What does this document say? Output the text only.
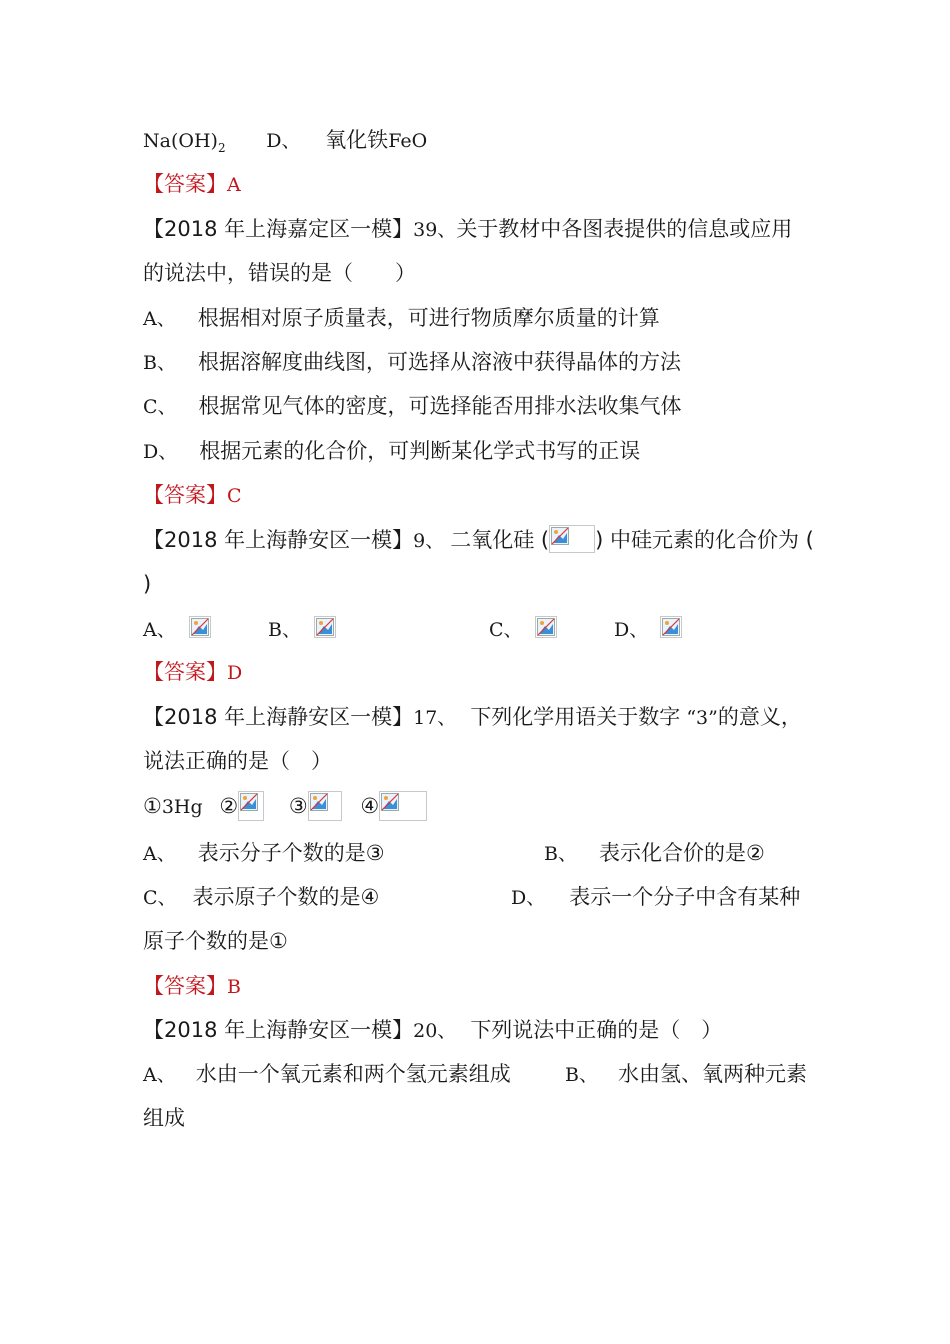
$Na(OH)_2$ D、 氧化铁FeO
【答案】A
【2018 年上海嘉定区一模】39、关于教材中各图表提供的信息或应用
的说法中，错误的是（　　）
A、 根据相对原子质量表，可进行物质摩尔质量的计算
B、 根据溶解度曲线图，可选择从溶液中获得晶体的方法
C、 根据常见气体的密度，可选择能否用排水法收集气体
D、 根据元素的化合价，可判断某化学式书写的正误
【答案】C
【2018 年上海静安区一模】9、 二氧化硅 ( ) 中硅元素的化合价为 (
)
A、	B、	C、	D、
【答案】D
【2018 年上海静安区一模】17、 下列化学用语关于数字 “3”的意义，
说法正确的是（　）
①3Hg ② ③	④
A、 表示分子个数的是③	B、 表示化合价的是②
C、 表示原子个数的是④	D、 表示一个分子中含有某种
原子个数的是①
【答案】B
【2018 年上海静安区一模】20、 下列说法中正确的是（　）
A、 水由一个氧元素和两个氢元素组成	B、 水由氢、氧两种元素
组成
